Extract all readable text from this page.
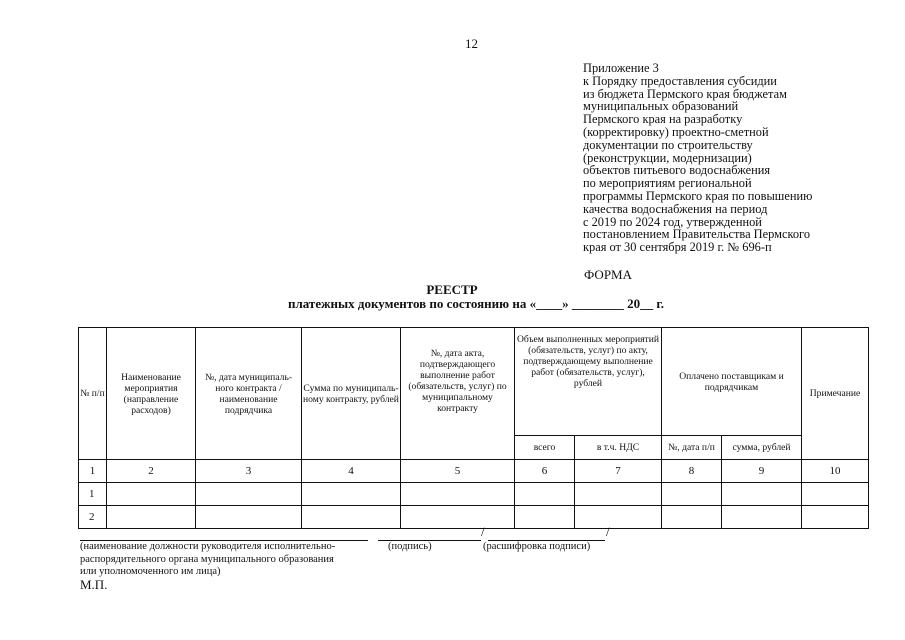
12
Приложение 3
к Порядку предоставления субсидии
из бюджета Пермского края бюджетам
муниципальных образований
Пермского края на разработку
(корректировку) проектно-сметной
документации по строительству
(реконструкции, модернизации)
объектов питьевого водоснабжения
по мероприятиям региональной
программы Пермского края по повышению
качества водоснабжения на период
с 2019 по 2024 год, утвержденной
постановлением Правительства Пермского
края от 30 сентября 2019 г. № 696-п
ФОРМА
РЕЕСТР
платежных документов по состоянию на «____» ________ 20__ г.
№ п/п	Наименование мероприятия (направление расходов)	№, дата муниципаль- ного контракта / наименование подрядчика	Сумма по муниципаль- ному контракту, рублей	№, дата акта, подтверждающего выполнение работ (обязательств, услуг) по муниципальному контракту	Объем выполненных мероприятий (обязательств, услуг) по акту, подтверждающему выполнение работ (обязательств, услуг), рублей		Оплачено поставщикам и подрядчикам		Примечание
					всего	в т.ч. НДС	№, дата п/п	сумма, рублей	
1	2	3	4	5	6	7	8	9	10
1									
2									
/	/
(наименование должности руководителя исполнительно-
распорядительного органа муниципального образования
или уполномоченного им лица)
(подпись)	(расшифровка подписи)
М.П.
